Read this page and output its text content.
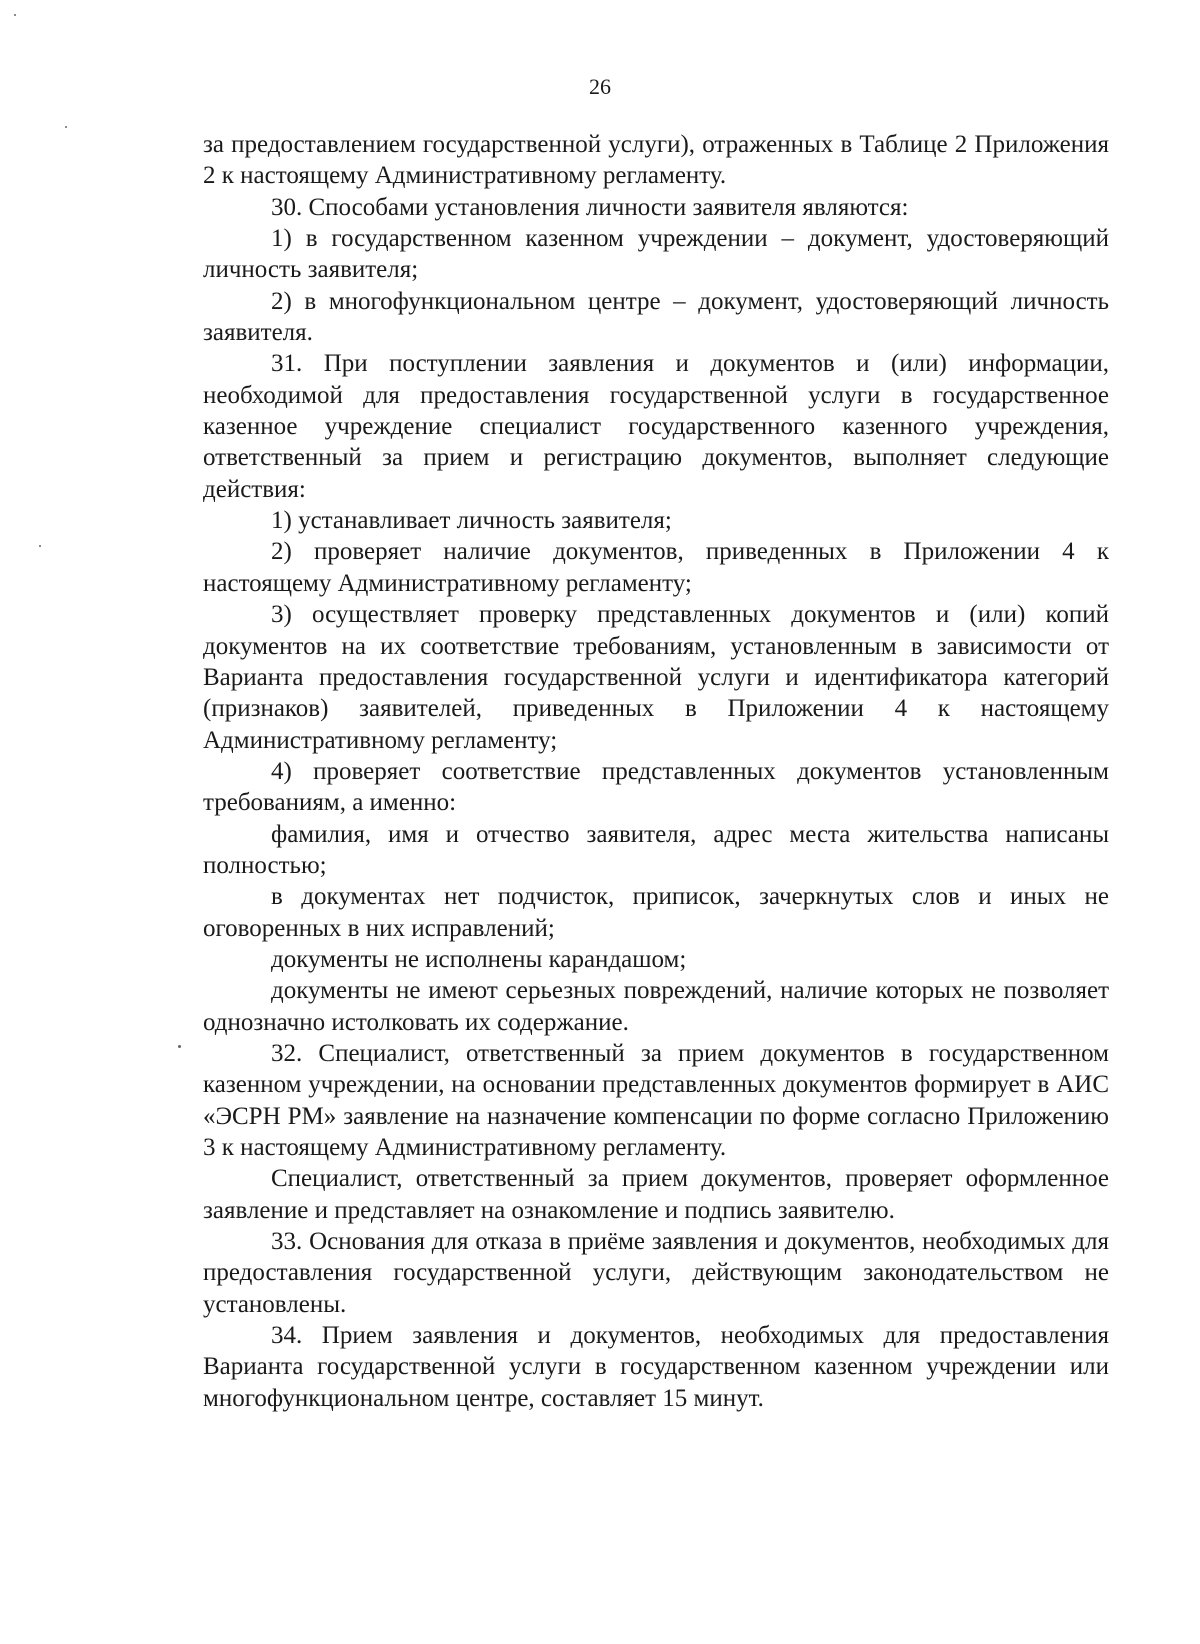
26

за предоставлением государственной услуги), отраженных в Таблице 2 Приложения 2 к настоящему Административному регламенту.

30. Способами установления личности заявителя являются:

1) в государственном казенном учреждении – документ, удостоверяющий личность заявителя;

2) в многофункциональном центре – документ, удостоверяющий личность заявителя.

31. При поступлении заявления и документов и (или) информации, необходимой для предоставления государственной услуги в государственное казенное учреждение специалист государственного казенного учреждения, ответственный за прием и регистрацию документов, выполняет следующие действия:

1) устанавливает личность заявителя;

2) проверяет наличие документов, приведенных в Приложении 4 к настоящему Административному регламенту;

3) осуществляет проверку представленных документов и (или) копий документов на их соответствие требованиям, установленным в зависимости от Варианта предоставления государственной услуги и идентификатора категорий (признаков) заявителей, приведенных в Приложении 4 к настоящему Административному регламенту;

4) проверяет соответствие представленных документов установленным требованиям, а именно:

фамилия, имя и отчество заявителя, адрес места жительства написаны полностью;

в документах нет подчисток, приписок, зачеркнутых слов и иных не оговоренных в них исправлений;

документы не исполнены карандашом;

документы не имеют серьезных повреждений, наличие которых не позволяет однозначно истолковать их содержание.

32. Специалист, ответственный за прием документов в государственном казенном учреждении, на основании представленных документов формирует в АИС «ЭСРН РМ» заявление на назначение компенсации по форме согласно Приложению 3 к настоящему Административному регламенту.

Специалист, ответственный за прием документов, проверяет оформленное заявление и представляет на ознакомление и подпись заявителю.

33. Основания для отказа в приёме заявления и документов, необходимых для предоставления государственной услуги, действующим законодательством не установлены.

34. Прием заявления и документов, необходимых для предоставления Варианта государственной услуги в государственном казенном учреждении или многофункциональном центре, составляет 15 минут.
